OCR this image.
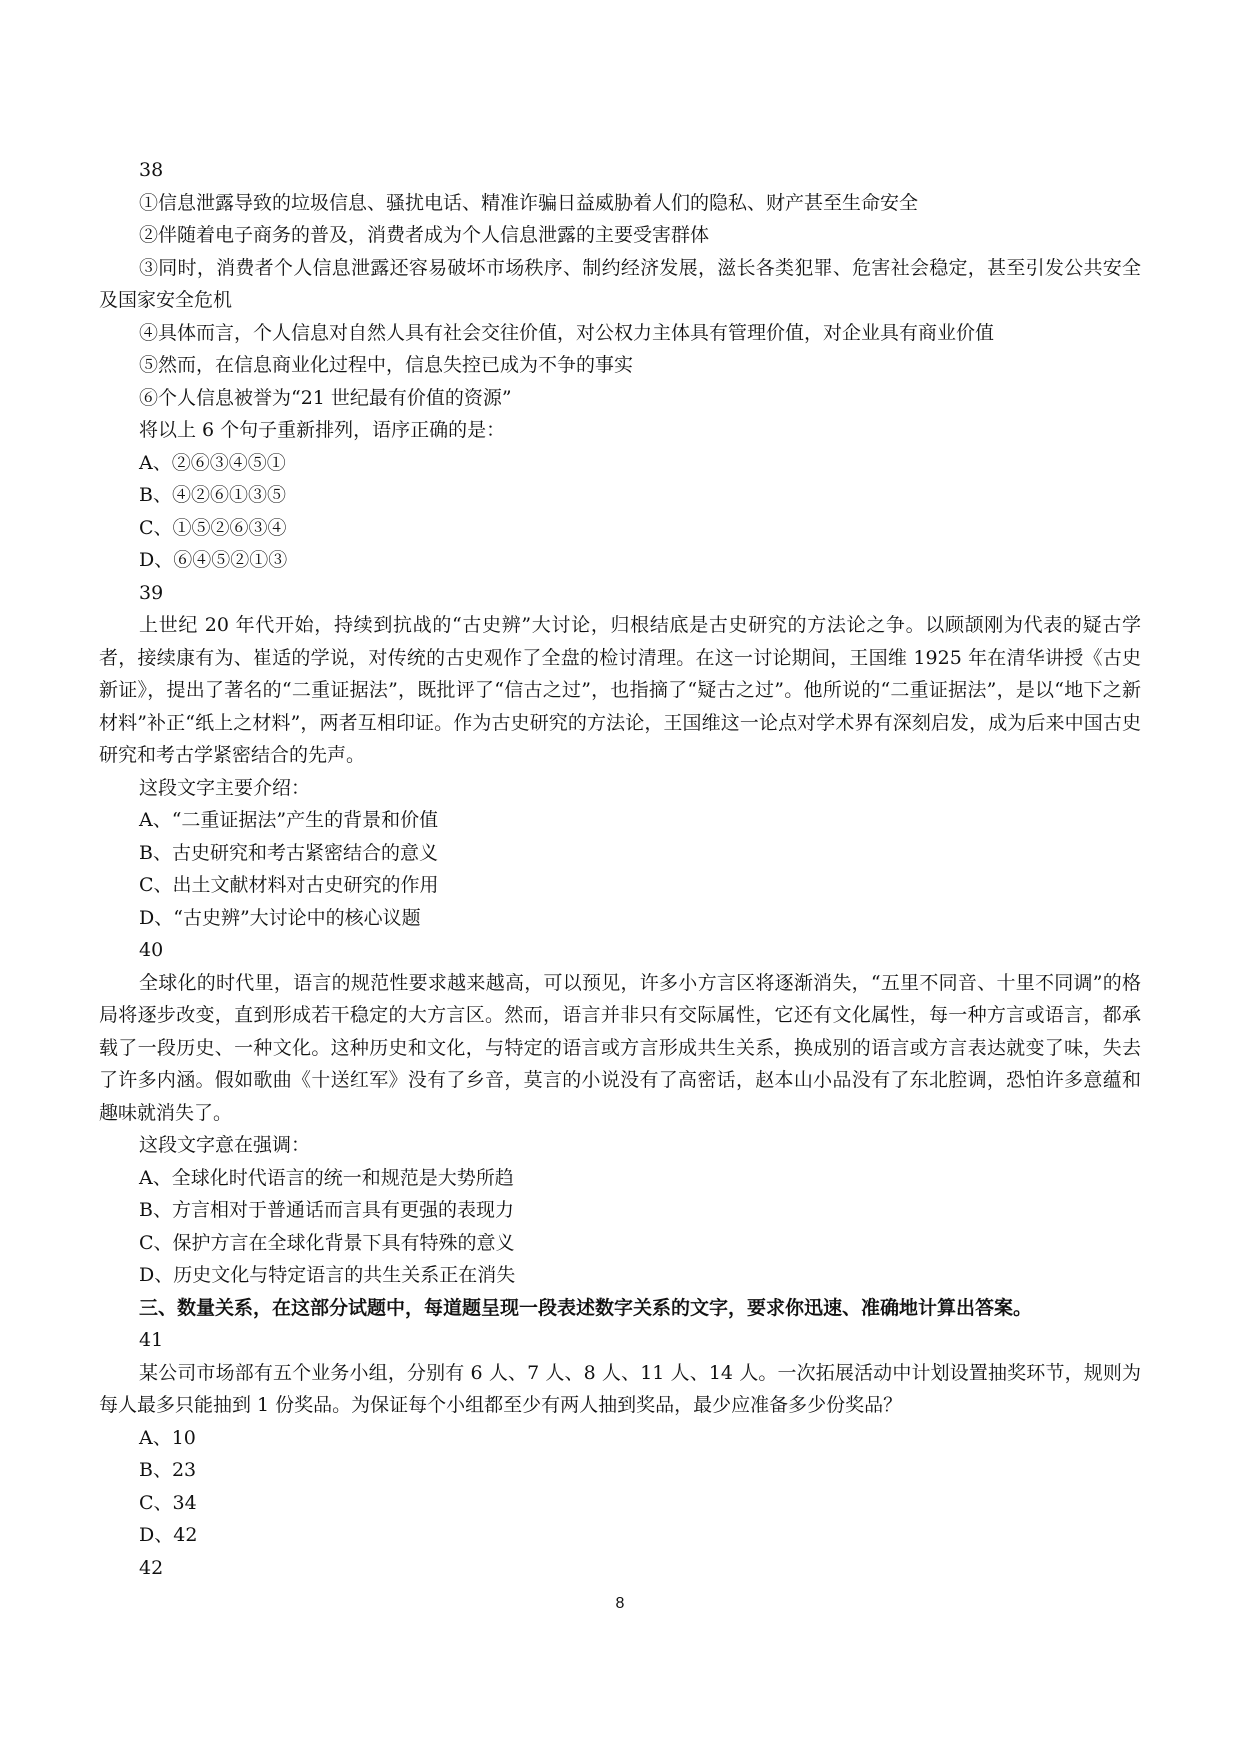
38

①信息泄露导致的垃圾信息、骚扰电话、精准诈骗日益威胁着人们的隐私、财产甚至生命安全

②伴随着电子商务的普及，消费者成为个人信息泄露的主要受害群体

③同时，消费者个人信息泄露还容易破坏市场秩序、制约经济发展，滋长各类犯罪、危害社会稳定，甚至引发公共安全及国家安全危机

④具体而言，个人信息对自然人具有社会交往价值，对公权力主体具有管理价值，对企业具有商业价值

⑤然而，在信息商业化过程中，信息失控已成为不争的事实

⑥个人信息被誉为“21 世纪最有价值的资源”

将以上 6 个句子重新排列，语序正确的是：

A、②⑥③④⑤①

B、④②⑥①③⑤

C、①⑤②⑥③④

D、⑥④⑤②①③

39

上世纪 20 年代开始，持续到抗战的“古史辨”大讨论，归根结底是古史研究的方法论之争。以顾颉刚为代表的疑古学者，接续康有为、崔适的学说，对传统的古史观作了全盘的检讨清理。在这一讨论期间，王国维 1925 年在清华讲授《古史新证》，提出了著名的“二重证据法”，既批评了“信古之过”，也指摘了“疑古之过”。他所说的“二重证据法”，是以“地下之新材料”补正“纸上之材料”，两者互相印证。作为古史研究的方法论，王国维这一论点对学术界有深刻启发，成为后来中国古史研究和考古学紧密结合的先声。

这段文字主要介绍：

A、“二重证据法”产生的背景和价值

B、古史研究和考古紧密结合的意义

C、出土文献材料对古史研究的作用

D、“古史辨”大讨论中的核心议题

40

全球化的时代里，语言的规范性要求越来越高，可以预见，许多小方言区将逐渐消失，“五里不同音、十里不同调”的格局将逐步改变，直到形成若干稳定的大方言区。然而，语言并非只有交际属性，它还有文化属性，每一种方言或语言，都承载了一段历史、一种文化。这种历史和文化，与特定的语言或方言形成共生关系，换成别的语言或方言表达就变了味，失去了许多内涵。假如歌曲《十送红军》没有了乡音，莫言的小说没有了高密话，赵本山小品没有了东北腔调，恐怕许多意蕴和趣味就消失了。

这段文字意在强调：

A、全球化时代语言的统一和规范是大势所趋

B、方言相对于普通话而言具有更强的表现力

C、保护方言在全球化背景下具有特殊的意义

D、历史文化与特定语言的共生关系正在消失

三、数量关系，在这部分试题中，每道题呈现一段表述数字关系的文字，要求你迅速、准确地计算出答案。

41

某公司市场部有五个业务小组，分别有 6 人、7 人、8 人、11 人、14 人。一次拓展活动中计划设置抽奖环节，规则为每人最多只能抽到 1 份奖品。为保证每个小组都至少有两人抽到奖品，最少应准备多少份奖品？

A、10

B、23

C、34

D、42

42

8
